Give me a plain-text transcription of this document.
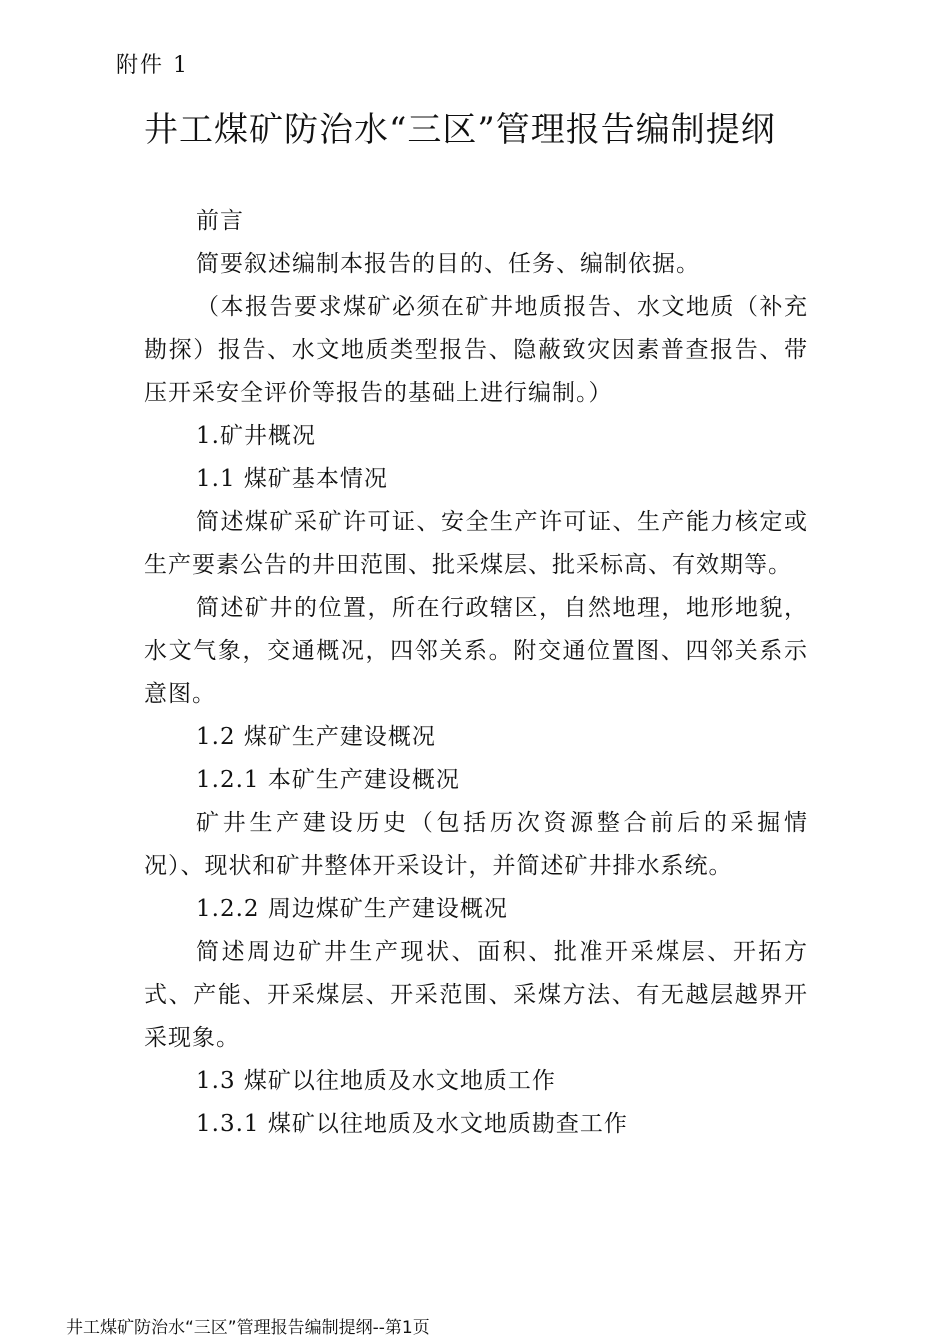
附件 1
井工煤矿防治水“三区”管理报告编制提纲

前言

简要叙述编制本报告的目的、任务、编制依据。

（本报告要求煤矿必须在矿井地质报告、水文地质（补充勘探）报告、水文地质类型报告、隐蔽致灾因素普查报告、带压开采安全评价等报告的基础上进行编制。）

1.矿井概况

1.1 煤矿基本情况

简述煤矿采矿许可证、安全生产许可证、生产能力核定或生产要素公告的井田范围、批采煤层、批采标高、有效期等。

简述矿井的位置，所在行政辖区，自然地理，地形地貌，水文气象，交通概况，四邻关系。附交通位置图、四邻关系示意图。

1.2 煤矿生产建设概况

1.2.1 本矿生产建设概况

矿井生产建设历史（包括历次资源整合前后的采掘情况）、现状和矿井整体开采设计，并简述矿井排水系统。

1.2.2 周边煤矿生产建设概况

简述周边矿井生产现状、面积、批准开采煤层、开拓方式、产能、开采煤层、开采范围、采煤方法、有无越层越界开采现象。

1.3 煤矿以往地质及水文地质工作

1.3.1 煤矿以往地质及水文地质勘查工作

井工煤矿防治水“三区”管理报告编制提纲--第1页
